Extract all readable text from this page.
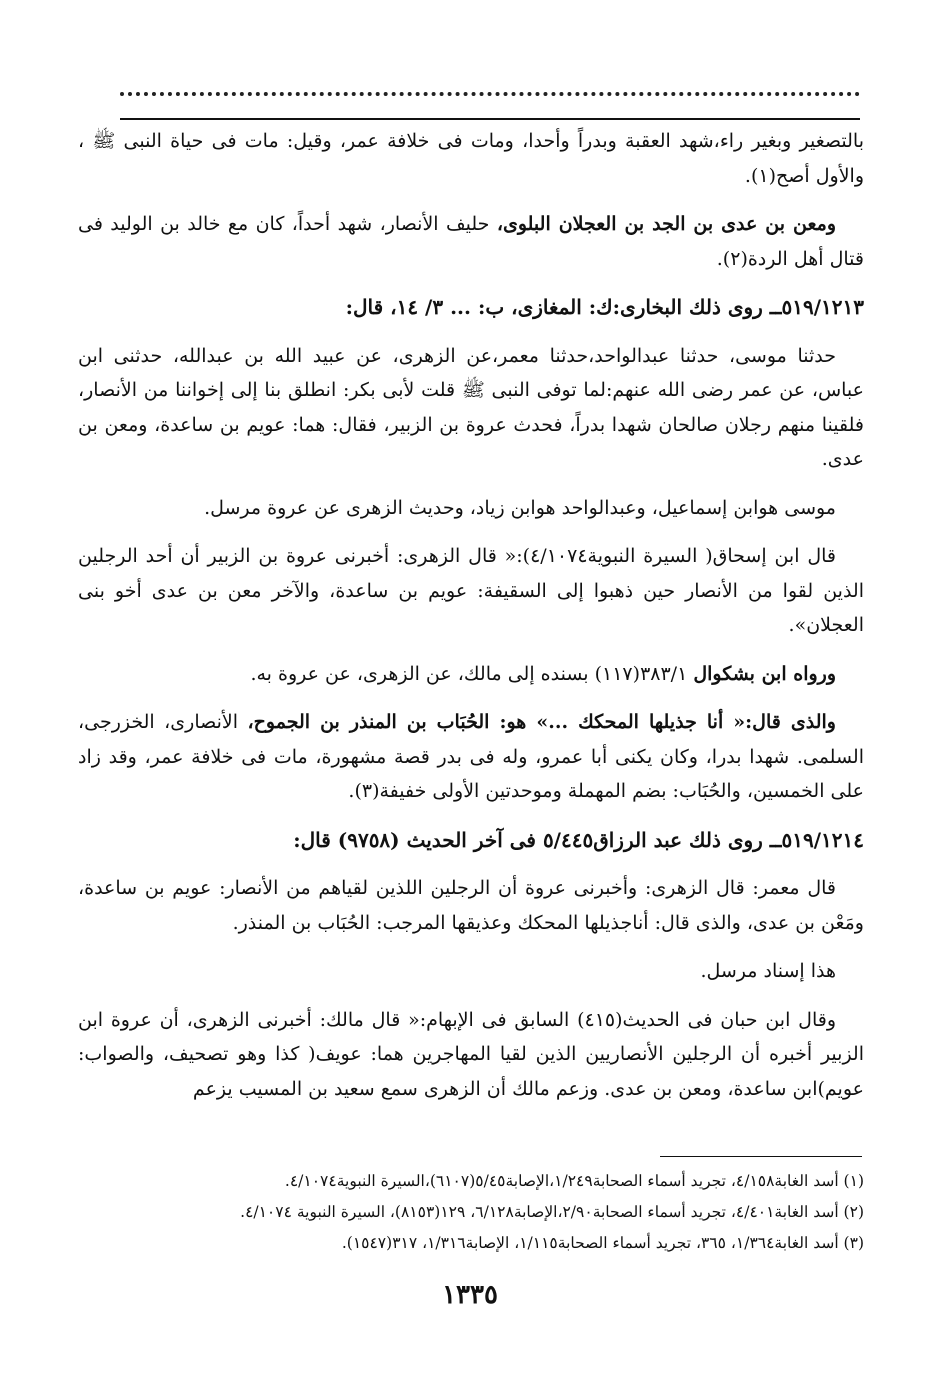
بالتصغير وبغير راء،شهد العقبة وبدراً وأحدا، ومات فى خلافة عمر، وقيل: مات فى حياة النبى ﷺ ، والأول أصح(١).

ومعن بن عدى بن الجد بن العجلان البلوى، حليف الأنصار، شهد أحداً، كان مع خالد بن الوليد فى قتال أهل الردة(٢).

٥١٩/١٢١٣ــ روى ذلك البخارى:ك: المغازى، ب: ... ٣/ ١٤، قال:

حدثنا موسى، حدثنا عبدالواحد،حدثنا معمر،عن الزهرى، عن عبيد الله بن عبدالله، حدثنى ابن عباس، عن عمر رضى الله عنهم:لما توفى النبى ﷺ قلت لأبى بكر: انطلق بنا إلى إخواننا من الأنصار، فلقينا منهم رجلان صالحان شهدا بدراً، فحدث عروة بن الزبير، فقال: هما: عويم بن ساعدة، ومعن بن عدى.

موسى هوابن إسماعيل، وعبدالواحد هوابن زياد، وحديث الزهرى عن عروة مرسل.

قال ابن إسحاق( السيرة النبوية٤/١٠٧٤):« قال الزهرى: أخبرنى عروة بن الزبير أن أحد الرجلين الذين لقوا من الأنصار حين ذهبوا إلى السقيفة: عويم بن ساعدة، والآخر معن بن عدى أخو بنى العجلان».

ورواه ابن بشكوال ٣٨٣/١(١١٧) بسنده إلى مالك، عن الزهرى، عن عروة به.

والذى قال:« أنا جذيلها المحكك ...» هو: الحُبَاب بن المنذر بن الجموح، الأنصارى، الخزرجى، السلمى. شهدا بدرا، وكان يكنى أبا عمرو، وله فى بدر قصة مشهورة، مات فى خلافة عمر، وقد زاد على الخمسين، والحُبَاب: بضم المهملة وموحدتين الأولى خفيفة(٣).

٥١٩/١٢١٤ــ روى ذلك عبد الرزاق٥/٤٤٥ فى آخر الحديث (٩٧٥٨) قال:

قال معمر: قال الزهرى: وأخبرنى عروة أن الرجلين اللذين لقياهم من الأنصار: عويم بن ساعدة، ومَعْن بن عدى، والذى قال: أناجذيلها المحكك وعذيقها المرجب: الحُبَاب بن المنذر.

هذا إسناد مرسل.

وقال ابن حبان فى الحديث(٤١٥) السابق فى الإبهام:« قال مالك: أخبرنى الزهرى، أن عروة ابن الزبير أخبره أن الرجلين الأنصاريين الذين لقيا المهاجرين هما: عويف( كذا وهو تصحيف، والصواب: عويم)ابن ساعدة، ومعن بن عدى. وزعم مالك أن الزهرى سمع سعيد بن المسيب يزعم

(١) أسد الغابة٤/١٥٨، تجريد أسماء الصحابة١/٢٤٩،الإصابة٥/٤٥(٦١٠٧)،السيرة النبوية٤/١٠٧٤.

(٢) أسد الغابة٤/٤٠١، تجريد أسماء الصحابة٢/٩٠،الإصابة٦/١٢٨، ١٢٩(٨١٥٣)، السيرة النبوية ٤/١٠٧٤.

(٣) أسد الغابة١/٣٦٤، ٣٦٥، تجريد أسماء الصحابة١/١١٥، الإصابة١/٣١٦، ٣١٧(١٥٤٧).

١٣٣٥
